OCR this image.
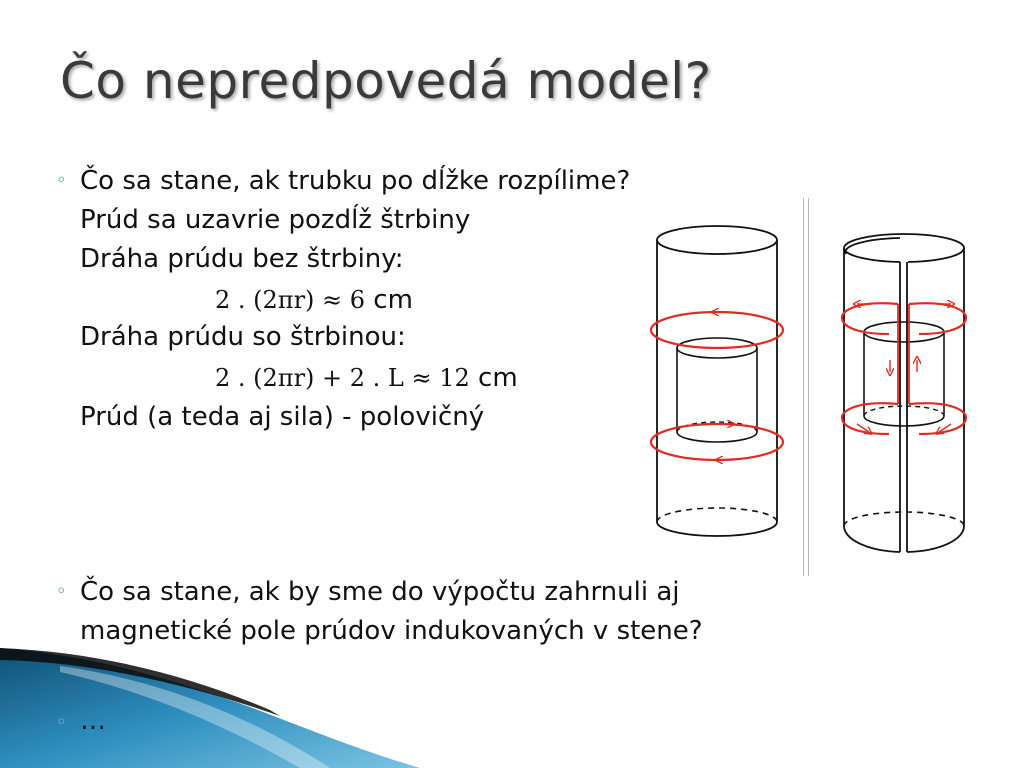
Čo nepredpovedá model?
◦ Čo sa stane, ak trubku po dĺžke rozpílime?
Prúd sa uzavrie pozdĺž štrbiny
Dráha prúdu bez štrbiny:
2 . (2πr) ≈ 6 cm
Dráha prúdu so štrbinou:
2 . (2πr) + 2 . L ≈ 12 cm
Prúd (a teda aj sila) - polovičný
◦ Čo sa stane, ak by sme do výpočtu zahrnuli aj
magnetické pole prúdov indukovaných v stene?
◦ …
